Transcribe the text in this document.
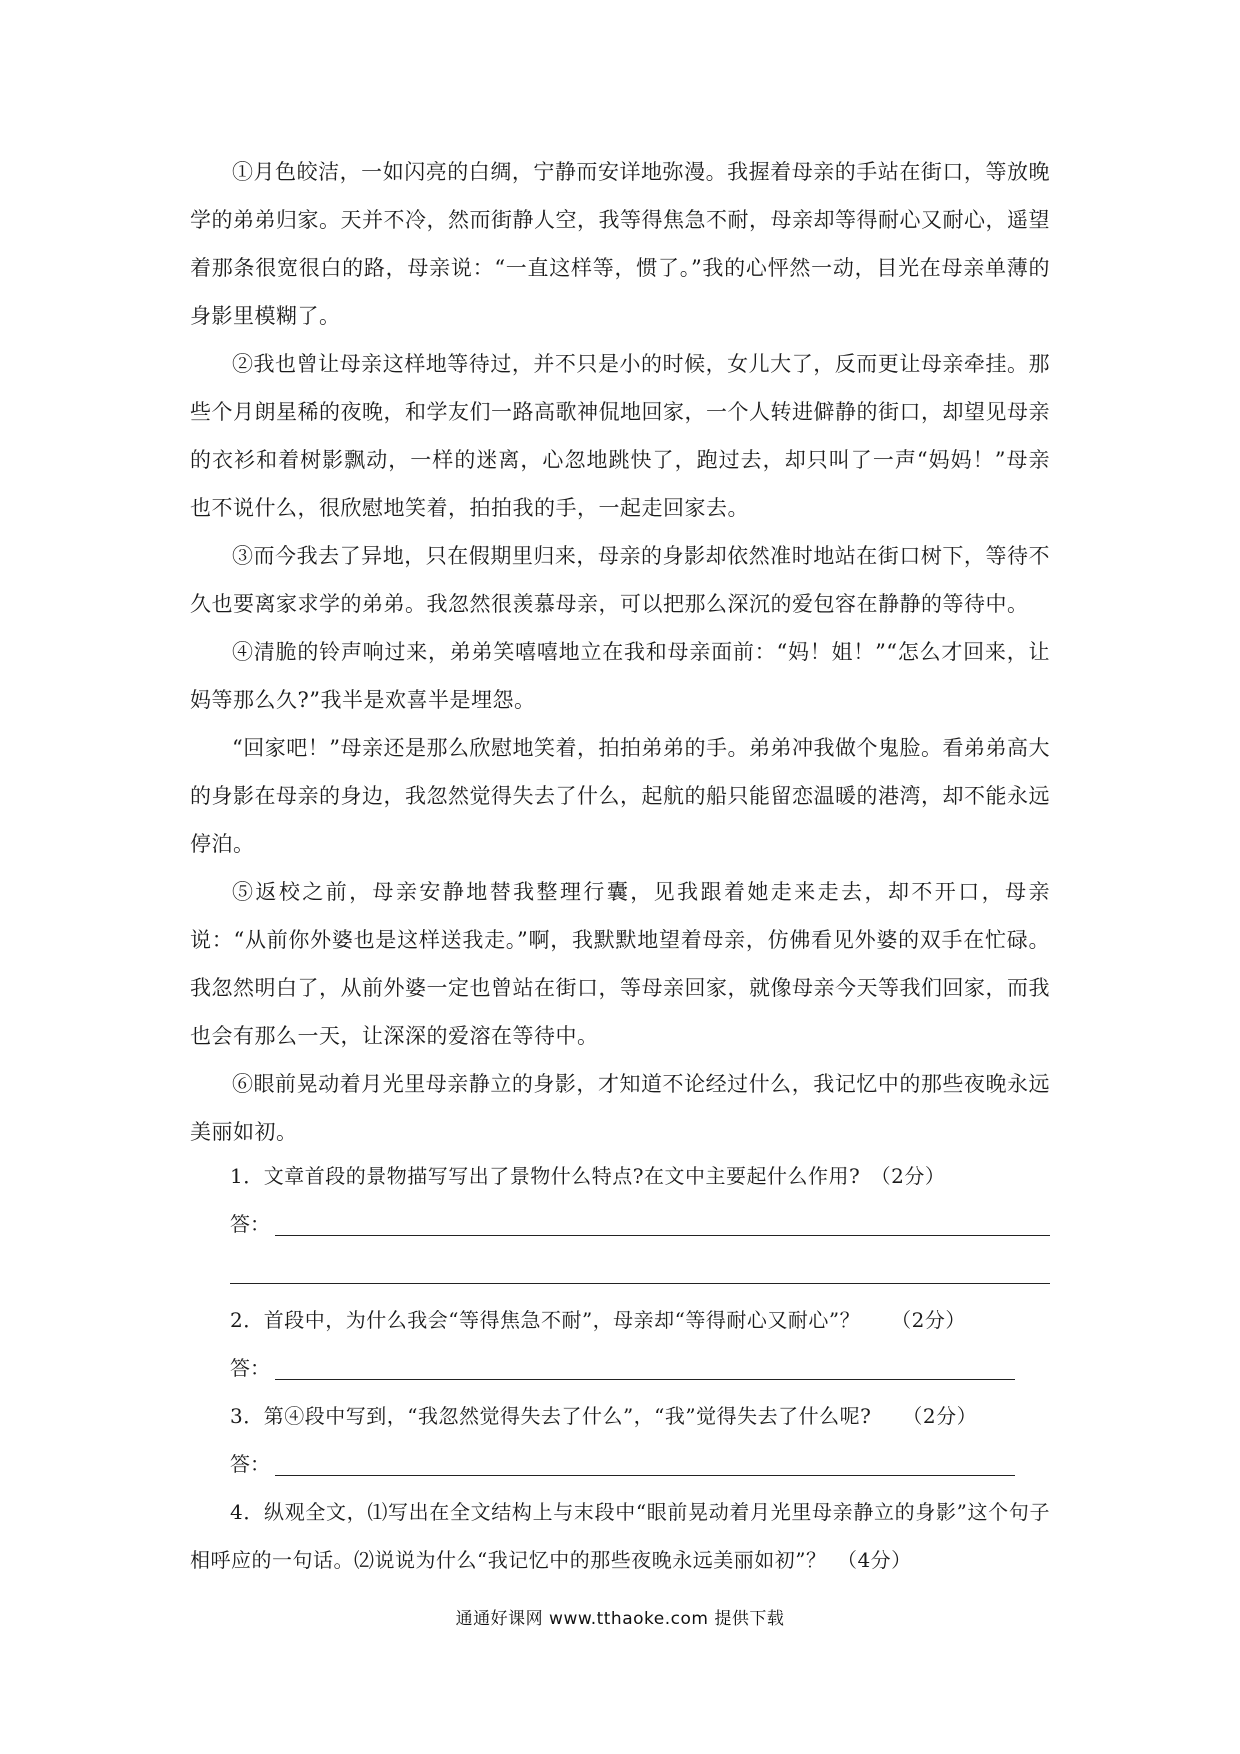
①月色皎洁，一如闪亮的白绸，宁静而安详地弥漫。我握着母亲的手站在街口，等放晚学的弟弟归家。天并不冷，然而街静人空，我等得焦急不耐，母亲却等得耐心又耐心，遥望着那条很宽很白的路，母亲说：“一直这样等，惯了。”我的心怦然一动，目光在母亲单薄的身影里模糊了。

②我也曾让母亲这样地等待过，并不只是小的时候，女儿大了，反而更让母亲牵挂。那些个月朗星稀的夜晚，和学友们一路高歌神侃地回家，一个人转进僻静的街口，却望见母亲的衣衫和着树影飘动，一样的迷离，心忽地跳快了，跑过去，却只叫了一声“妈妈！”母亲也不说什么，很欣慰地笑着，拍拍我的手，一起走回家去。

③而今我去了异地，只在假期里归来，母亲的身影却依然准时地站在街口树下，等待不久也要离家求学的弟弟。我忽然很羡慕母亲，可以把那么深沉的爱包容在静静的等待中。

④清脆的铃声响过来，弟弟笑嘻嘻地立在我和母亲面前：“妈！姐！”“怎么才回来，让妈等那么久?”我半是欢喜半是埋怨。

“回家吧！”母亲还是那么欣慰地笑着，拍拍弟弟的手。弟弟冲我做个鬼脸。看弟弟高大的身影在母亲的身边，我忽然觉得失去了什么，起航的船只能留恋温暖的港湾，却不能永远停泊。

⑤返校之前，母亲安静地替我整理行囊，见我跟着她走来走去，却不开口，母亲说：“从前你外婆也是这样送我走。”啊，我默默地望着母亲，仿佛看见外婆的双手在忙碌。我忽然明白了，从前外婆一定也曾站在街口，等母亲回家，就像母亲今天等我们回家，而我也会有那么一天，让深深的爱溶在等待中。

⑥眼前晃动着月光里母亲静立的身影，才知道不论经过什么，我记忆中的那些夜晚永远美丽如初。

1．文章首段的景物描写写出了景物什么特点?在文中主要起什么作用?　（2分）

答：

2．首段中，为什么我会“等得焦急不耐”，母亲却“等得耐心又耐心”？　　（2分）

答：

3．第④段中写到，“我忽然觉得失去了什么”，“我”觉得失去了什么呢?　　（2分）

答：

4．纵观全文，⑴写出在全文结构上与末段中“眼前晃动着月光里母亲静立的身影”这个句子相呼应的一句话。⑵说说为什么“我记忆中的那些夜晚永远美丽如初”？　（4分）

通通好课网 www.tthaoke.com 提供下载
